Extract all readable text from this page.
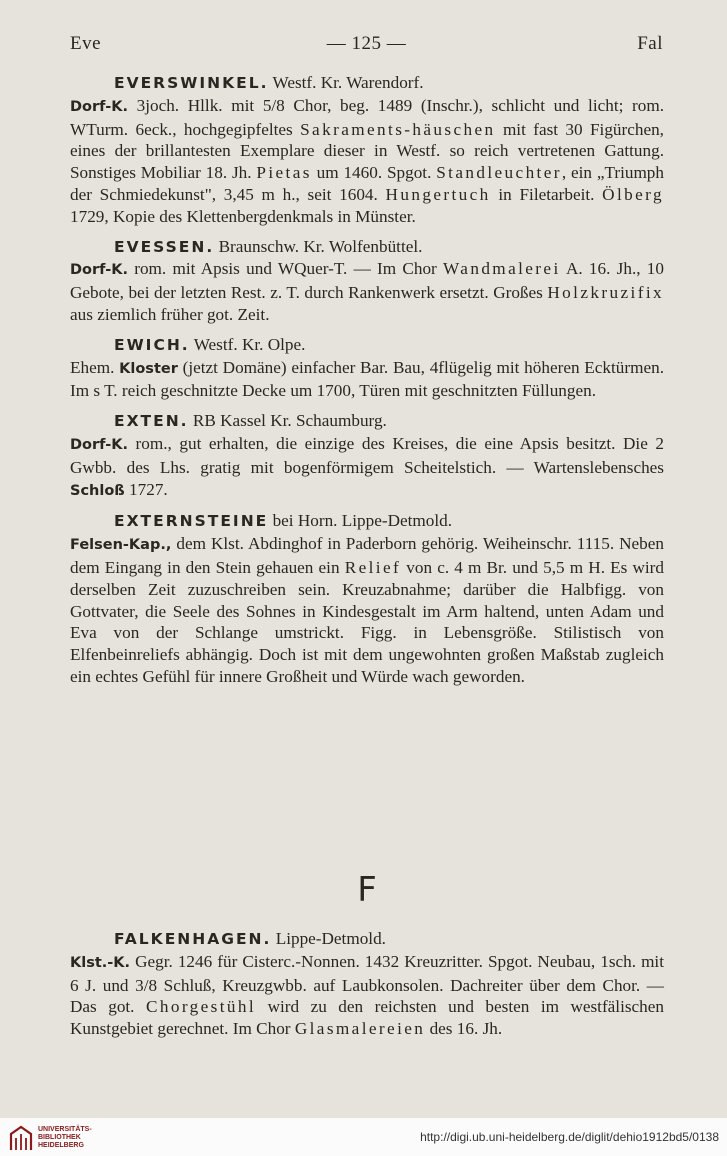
Eve	— 125 —	Fal

EVERSWINKEL. Westf. Kr. Warendorf.

Dorf-K. 3joch. Hllk. mit 5/8 Chor, beg. 1489 (Inschr.), schlicht und licht; rom. WTurm. 6eck., hochgegipfeltes Sakraments-häuschen mit fast 30 Figürchen, eines der brillantesten Exemplare dieser in Westf. so reich vertretenen Gattung. Sonstiges Mobiliar 18. Jh. Pietas um 1460. Spgot. Standleuchter, ein „Triumph der Schmiedekunst", 3,45 m h., seit 1604. Hungertuch in Filetarbeit. Ölberg 1729, Kopie des Klettenbergdenkmals in Münster.

EVESSEN. Braunschw. Kr. Wolfenbüttel.

Dorf-K. rom. mit Apsis und WQuer-T. — Im Chor Wandmalerei A. 16. Jh., 10 Gebote, bei der letzten Rest. z. T. durch Rankenwerk ersetzt. Großes Holzkruzifix aus ziemlich früher got. Zeit.

EWICH. Westf. Kr. Olpe.

Ehem. Kloster (jetzt Domäne) einfacher Bar. Bau, 4flügelig mit höheren Ecktürmen. Im s T. reich geschnitzte Decke um 1700, Türen mit geschnitzten Füllungen.

EXTEN. RB Kassel Kr. Schaumburg.

Dorf-K. rom., gut erhalten, die einzige des Kreises, die eine Apsis besitzt. Die 2 Gwbb. des Lhs. gratig mit bogenförmigem Scheitelstich. — Wartenslebensches Schloß 1727.

EXTERNSTEINE bei Horn. Lippe-Detmold.

Felsen-Kap., dem Klst. Abdinghof in Paderborn gehörig. Weiheinschr. 1115. Neben dem Eingang in den Stein gehauen ein Relief von c. 4 m Br. und 5,5 m H. Es wird derselben Zeit zuzuschreiben sein. Kreuzabnahme; darüber die Halbfigg. von Gottvater, die Seele des Sohnes in Kindesgestalt im Arm haltend, unten Adam und Eva von der Schlange umstrickt. Figg. in Lebensgröße. Stilistisch von Elfenbeinreliefs abhängig. Doch ist mit dem ungewohnten großen Maßstab zugleich ein echtes Gefühl für innere Großheit und Würde wach geworden.

F

FALKENHAGEN. Lippe-Detmold.

Klst.-K. Gegr. 1246 für Cisterc.-Nonnen. 1432 Kreuzritter. Spgot. Neubau, 1sch. mit 6 J. und 3/8 Schluß, Kreuzgwbb. auf Laubkonsolen. Dachreiter über dem Chor. — Das got. Chorgestühl wird zu den reichsten und besten im westfälischen Kunstgebiet gerechnet. Im Chor Glasmalereien des 16. Jh.

UNIVERSITÄTS-
BIBLIOTHEK
HEIDELBERG
http://digi.ub.uni-heidelberg.de/diglit/dehio1912bd5/0138
